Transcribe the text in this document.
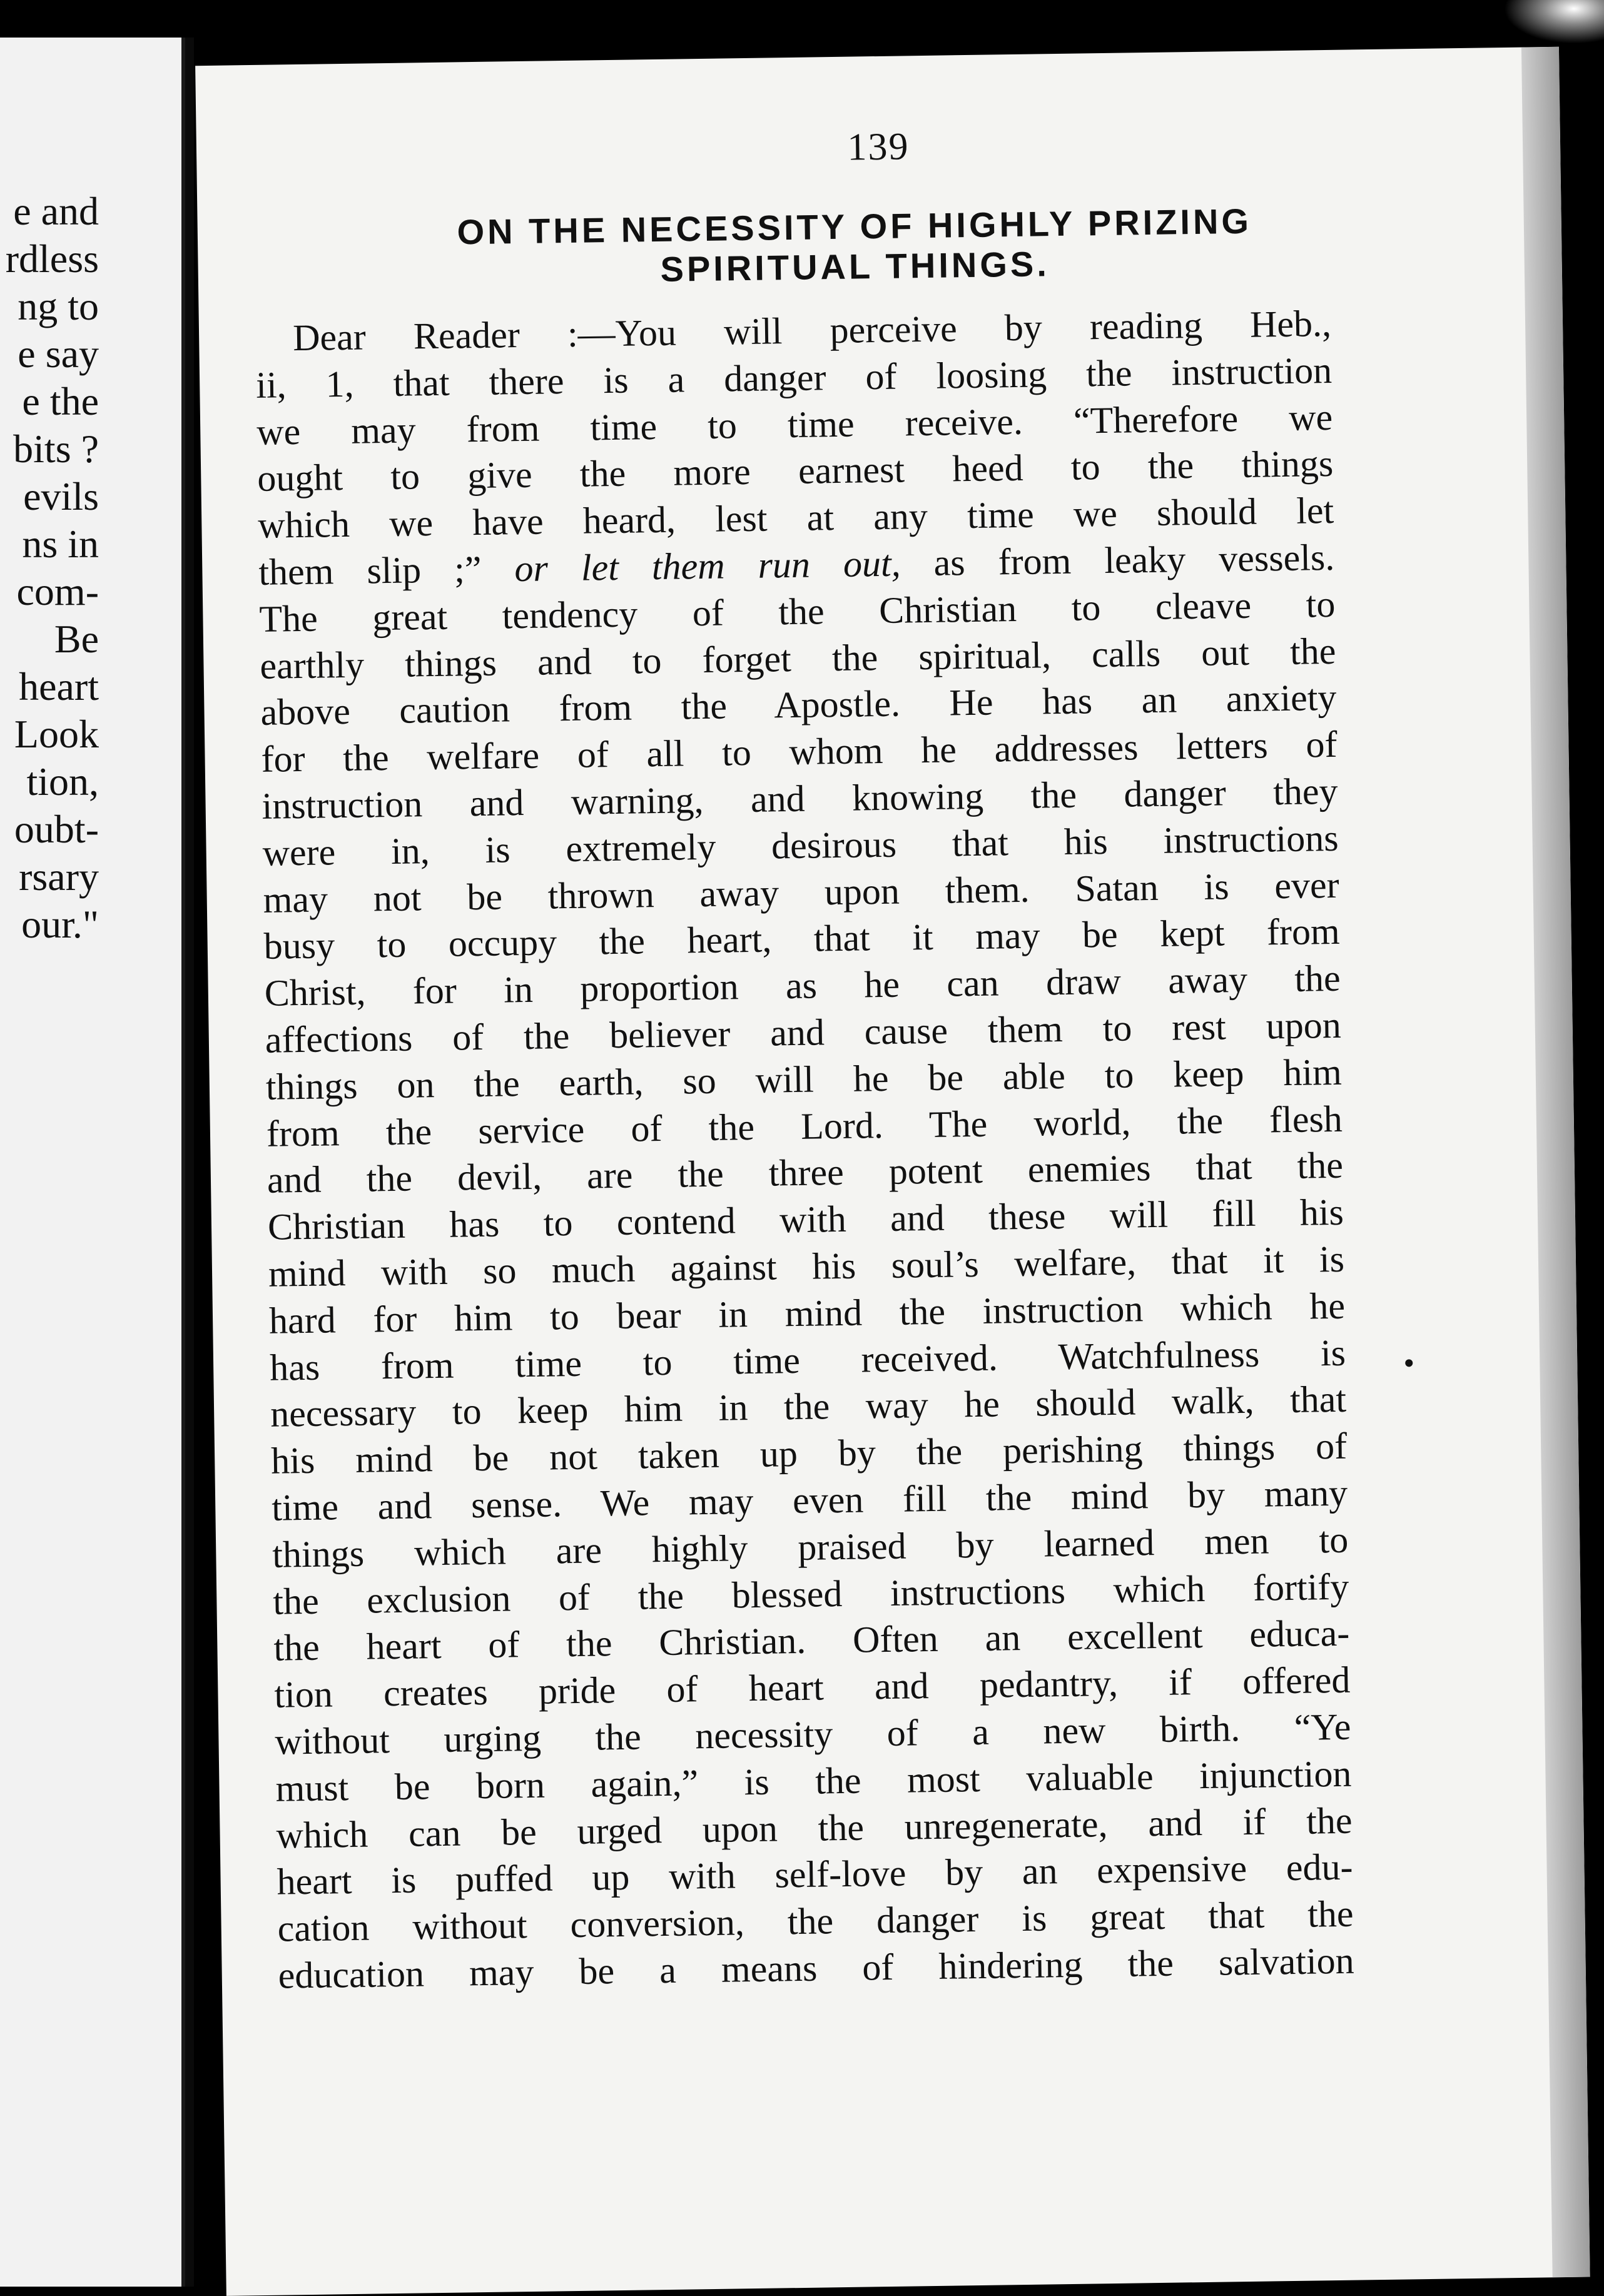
e and
rdless
ng to
e say
e the
bits ?
evils
ns in
com-
Be
heart
Look
tion,
oubt-
rsary
our."
139
ON THE NECESSITY OF HIGHLY PRIZING
SPIRITUAL THINGS.
Dear Reader :—You will perceive by reading Heb.,
ii, 1, that there is a danger of loosing the instruction
we may from time to time receive. “Therefore we
ought to give the more earnest heed to the things
which we have heard, lest at any time we should let
them slip ;” or let them run out, as from leaky vessels.
The great tendency of the Christian to cleave to
earthly things and to forget the spiritual, calls out the
above caution from the Apostle. He has an anxiety
for the welfare of all to whom he addresses letters of
instruction and warning, and knowing the danger they
were in, is extremely desirous that his instructions
may not be thrown away upon them. Satan is ever
busy to occupy the heart, that it may be kept from
Christ, for in proportion as he can draw away the
affections of the believer and cause them to rest upon
things on the earth, so will he be able to keep him
from the service of the Lord. The world, the flesh
and the devil, are the three potent enemies that the
Christian has to contend with and these will fill his
mind with so much against his soul’s welfare, that it is
hard for him to bear in mind the instruction which he
has from time to time received. Watchfulness is
necessary to keep him in the way he should walk, that
his mind be not taken up by the perishing things of
time and sense. We may even fill the mind by many
things which are highly praised by learned men to
the exclusion of the blessed instructions which fortify
the heart of the Christian. Often an excellent educa-
tion creates pride of heart and pedantry, if offered
without urging the necessity of a new birth. “Ye
must be born again,” is the most valuable injunction
which can be urged upon the unregenerate, and if the
heart is puffed up with self-love by an expensive edu-
cation without conversion, the danger is great that the
education may be a means of hindering the salvation
